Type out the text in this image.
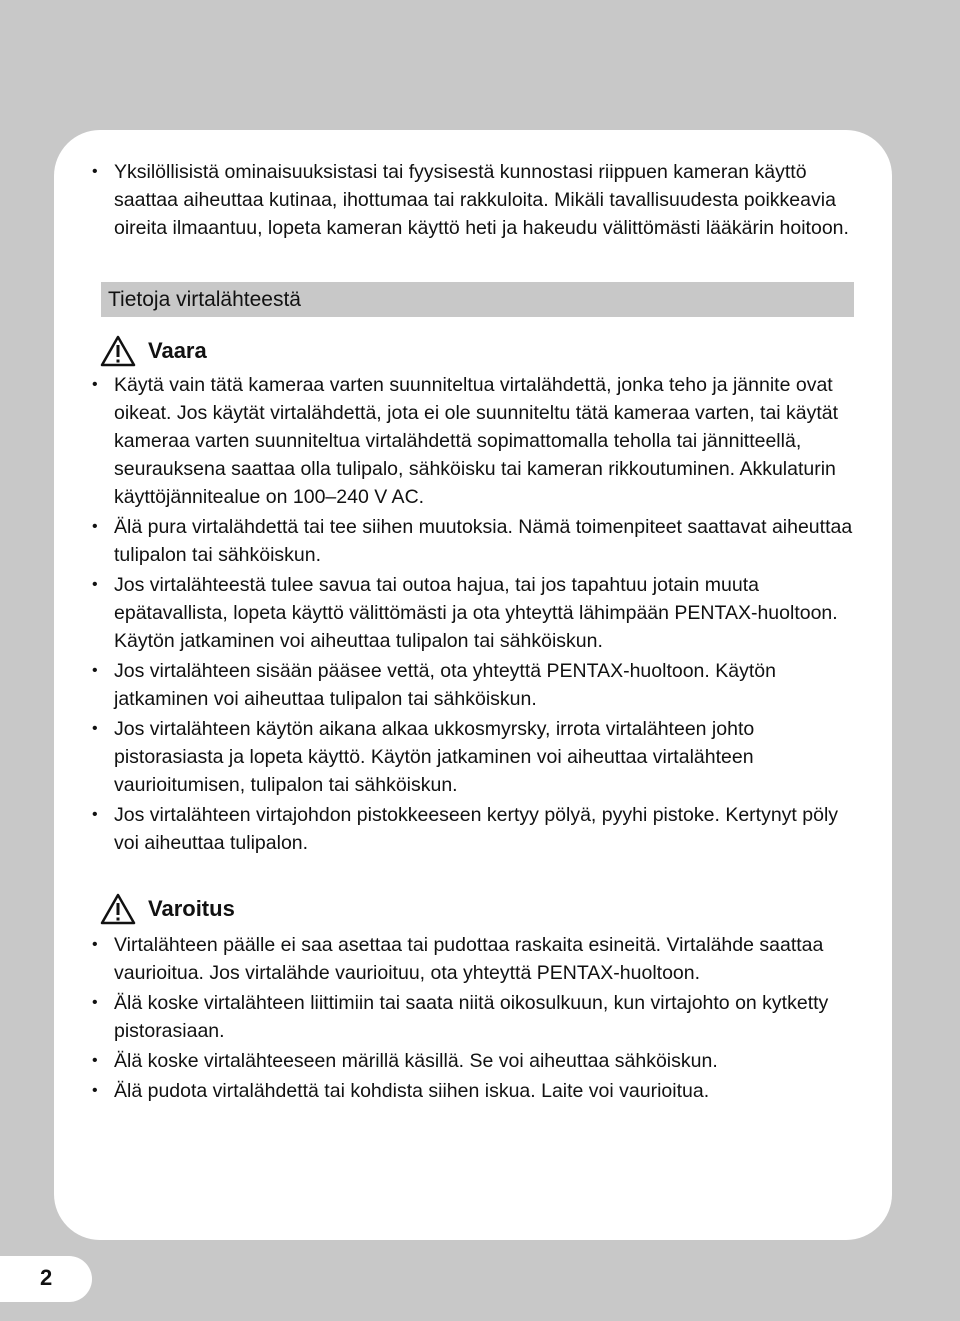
• Yksilöllisistä ominaisuuksistasi tai fyysisestä kunnostasi riippuen kameran käyttö saattaa aiheuttaa kutinaa, ihottumaa tai rakkuloita. Mikäli tavallisuudesta poikkeavia oireita ilmaantuu, lopeta kameran käyttö heti ja hakeudu välittömästi lääkärin hoitoon.
Tietoja virtalähteestä
Vaara
• Käytä vain tätä kameraa varten suunniteltua virtalähdettä, jonka teho ja jännite ovat oikeat. Jos käytät virtalähdettä, jota ei ole suunniteltu tätä kameraa varten, tai käytät kameraa varten suunniteltua virtalähdettä sopimattomalla teholla tai jännitteellä, seurauksena saattaa olla tulipalo, sähköisku tai kameran rikkoutuminen. Akkulaturin käyttöjännitealue on 100–240 V AC.
• Älä pura virtalähdettä tai tee siihen muutoksia. Nämä toimenpiteet saattavat aiheuttaa tulipalon tai sähköiskun.
• Jos virtalähteestä tulee savua tai outoa hajua, tai jos tapahtuu jotain muuta epätavallista, lopeta käyttö välittömästi ja ota yhteyttä lähimpään PENTAX-huoltoon. Käytön jatkaminen voi aiheuttaa tulipalon tai sähköiskun.
• Jos virtalähteen sisään pääsee vettä, ota yhteyttä PENTAX-huoltoon. Käytön jatkaminen voi aiheuttaa tulipalon tai sähköiskun.
• Jos virtalähteen käytön aikana alkaa ukkosmyrsky, irrota virtalähteen johto pistorasiasta ja lopeta käyttö. Käytön jatkaminen voi aiheuttaa virtalähteen vaurioitumisen, tulipalon tai sähköiskun.
• Jos virtalähteen virtajohdon pistokkeeseen kertyy pölyä, pyyhi pistoke. Kertynyt pöly voi aiheuttaa tulipalon.
Varoitus
• Virtalähteen päälle ei saa asettaa tai pudottaa raskaita esineitä. Virtalähde saattaa vaurioitua. Jos virtalähde vaurioituu, ota yhteyttä PENTAX-huoltoon.
• Älä koske virtalähteen liittimiin tai saata niitä oikosulkuun, kun virtajohto on kytketty pistorasiaan.
• Älä koske virtalähteeseen märillä käsillä. Se voi aiheuttaa sähköiskun.
• Älä pudota virtalähdettä tai kohdista siihen iskua. Laite voi vaurioitua.
2
